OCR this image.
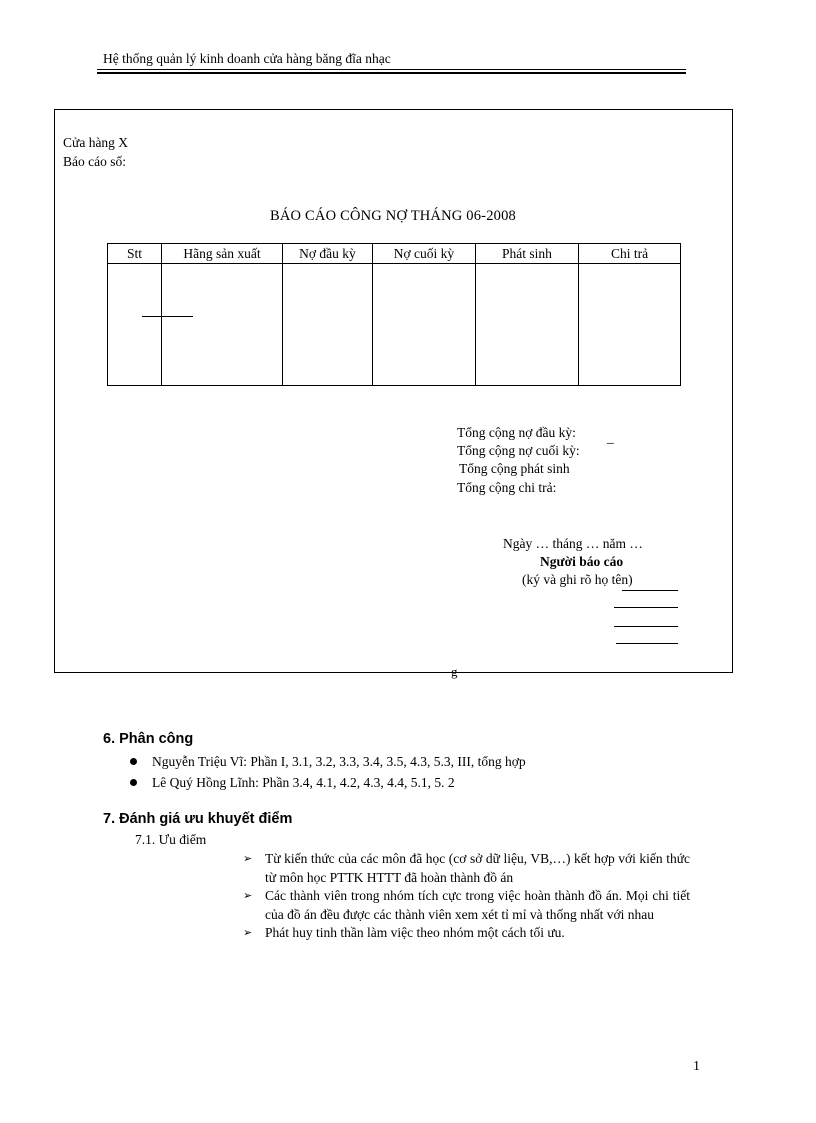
Hệ thống quản lý kinh doanh cửa hàng băng đĩa nhạc
Cửa hàng X
Báo cáo số:
BÁO CÁO CÔNG NỢ THÁNG 06-2008
Stt	Hãng sản xuất	Nợ đầu kỳ	Nợ cuối kỳ	Phát sinh	Chi trả

Tổng cộng nợ đầu kỳ: _
Tổng cộng nợ cuối kỳ:
Tổng cộng phát sinh
Tổng cộng chi trả:
Ngày … tháng … năm …
Người báo cáo
(ký và ghi rõ họ tên)
g
6. Phân công
Nguyễn Triệu Vĩ: Phần I, 3.1, 3.2, 3.3, 3.4, 3.5, 4.3, 5.3, III, tổng hợp
Lê Quý Hồng Lĩnh: Phần 3.4, 4.1, 4.2, 4.3, 4.4, 5.1, 5. 2
7. Đánh giá ưu khuyết điểm
7.1. Ưu điểm
➢ Từ kiến thức của các môn đã học (cơ sở dữ liệu, VB,…) kết hợp với kiến thức từ môn học PTTK HTTT đã hoàn thành đồ án
➢ Các thành viên trong nhóm tích cực trong việc hoàn thành đồ án. Mọi chi tiết của đồ án đều được các thành viên xem xét tỉ mỉ và thống nhất với nhau
➢ Phát huy tinh thần làm việc theo nhóm một cách tối ưu.
1
